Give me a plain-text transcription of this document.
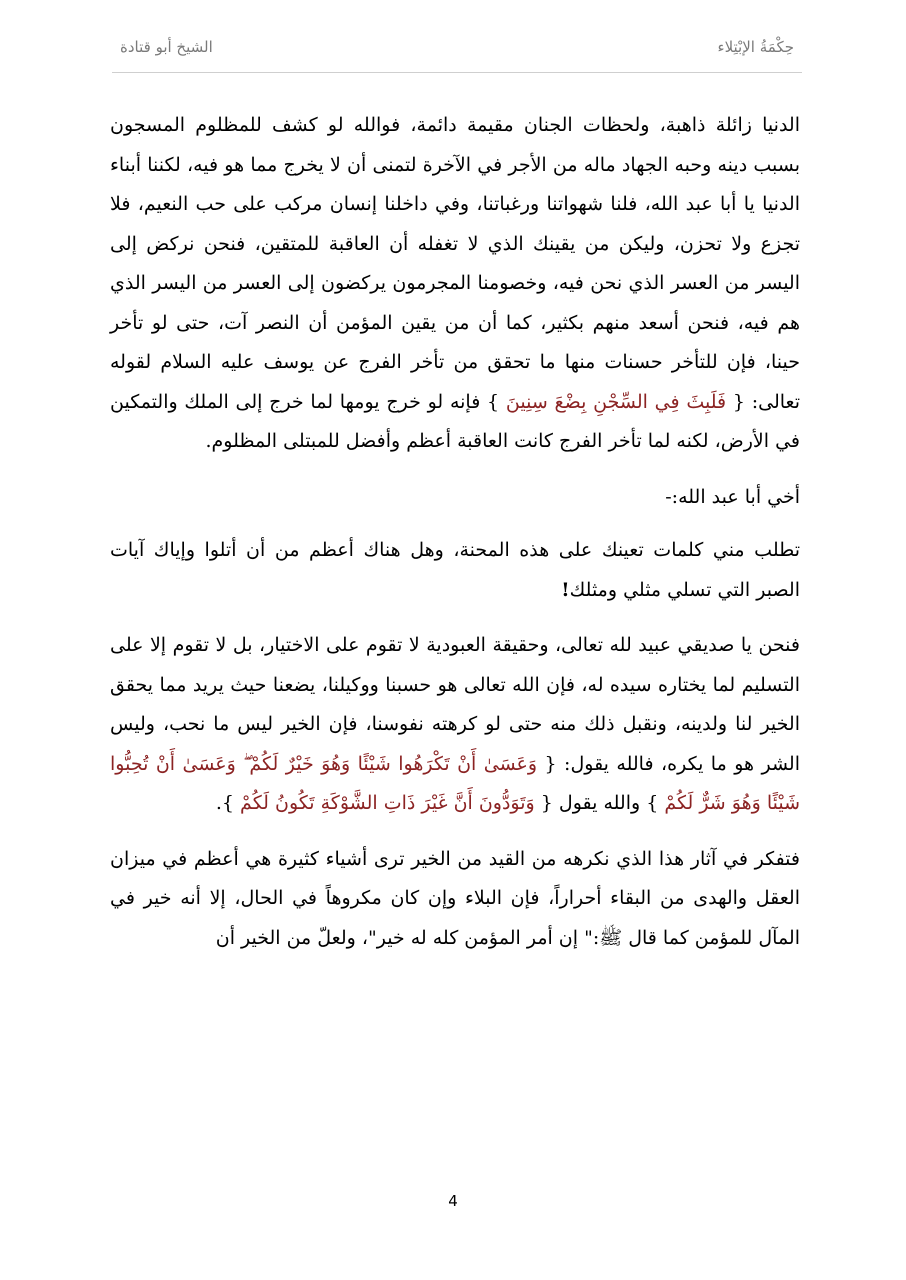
حِكْمَةُ الإبْتِلاء
الشيخ أبو قتادة

الدنيا زائلة ذاهبة، ولحظات الجنان مقيمة دائمة، فوالله لو كشف للمظلوم المسجون بسبب دينه وحبه الجهاد ماله من الأجر في الآخرة لتمنى أن لا يخرج مما هو فيه، لكننا أبناء الدنيا يا أبا عبد الله، فلنا شهواتنا ورغباتنا، وفي داخلنا إنسان مركب على حب النعيم، فلا تجزع ولا تحزن، وليكن من يقينك الذي لا تغفله أن العاقبة للمتقين، فنحن نركض إلى اليسر من العسر الذي نحن فيه، وخصومنا المجرمون يركضون إلى العسر من اليسر الذي هم فيه، فنحن أسعد منهم بكثير، كما أن من يقين المؤمن أن النصر آت، حتى لو تأخر حينا، فإن للتأخر حسنات منها ما تحقق من تأخر الفرج عن يوسف عليه السلام لقوله تعالى: { فَلَبِثَ فِي السِّجْنِ بِضْعَ سِنِينَ } فإنه لو خرج يومها لما خرج إلى الملك والتمكين في الأرض، لكنه لما تأخر الفرج كانت العاقبة أعظم وأفضل للمبتلى المظلوم.

أخي أبا عبد الله:-

تطلب مني كلمات تعينك على هذه المحنة، وهل هناك أعظم من أن أتلوا وإياك آيات الصبر التي تسلي مثلي ومثلك!

فنحن يا صديقي عبيد لله تعالى، وحقيقة العبودية لا تقوم على الاختيار، بل لا تقوم إلا على التسليم لما يختاره سيده له، فإن الله تعالى هو حسبنا ووكيلنا، يضعنا حيث يريد مما يحقق الخير لنا ولدينه، ونقبل ذلك منه حتى لو كرهته نفوسنا، فإن الخير ليس ما نحب، وليس الشر هو ما يكره، فالله يقول: { وَعَسَىٰ أَنْ تَكْرَهُوا شَيْئًا وَهُوَ خَيْرٌ لَكُمْ ۖ وَعَسَىٰ أَنْ تُحِبُّوا شَيْئًا وَهُوَ شَرٌّ لَكُمْ } والله يقول { وَتَوَدُّونَ أَنَّ غَيْرَ ذَاتِ الشَّوْكَةِ تَكُونُ لَكُمْ }.

فتفكر في آثار هذا الذي نكرهه من القيد من الخير ترى أشياء كثيرة هي أعظم في ميزان العقل والهدى من البقاء أحراراً، فإن البلاء وإن كان مكروهاً في الحال، إلا أنه خير في المآل للمؤمن كما قال ﷺ:" إن أمر المؤمن كله له خير"، ولعلّ من الخير أن

4
